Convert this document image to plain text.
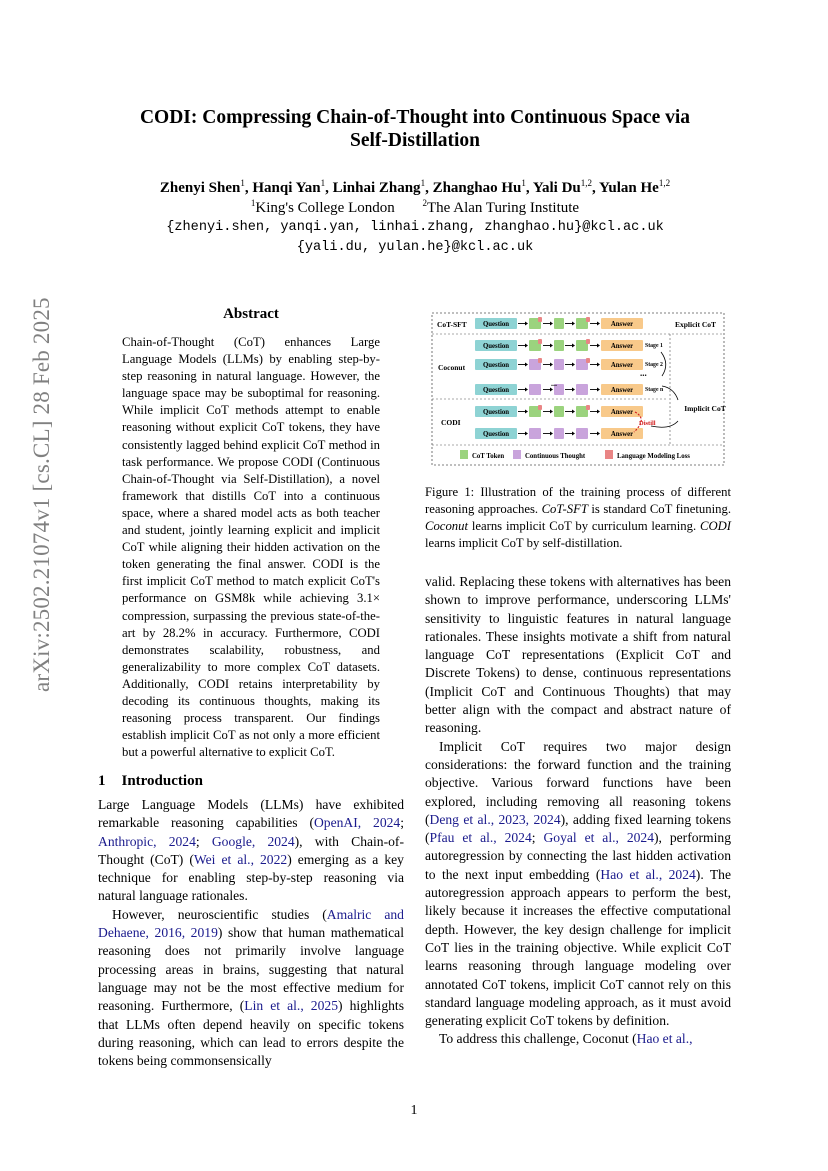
arXiv:2502.21074v1 [cs.CL] 28 Feb 2025
CODI: Compressing Chain-of-Thought into Continuous Space via
Self-Distillation
Zhenyi Shen$^1$, Hanqi Yan$^1$, Linhai Zhang$^1$, Zhanghao Hu$^1$, Yali Du$^{1,2}$, Yulan He$^{1,2}$
$^1$King's College London	$^2$The Alan Turing Institute
{zhenyi.shen, yanqi.yan, linhai.zhang, zhanghao.hu}@kcl.ac.uk
{yali.du, yulan.he}@kcl.ac.uk
Abstract
Chain-of-Thought (CoT) enhances Large Language Models (LLMs) by enabling step-by-step reasoning in natural language. However, the language space may be suboptimal for reasoning. While implicit CoT methods attempt to enable reasoning without explicit CoT tokens, they have consistently lagged behind explicit CoT method in task performance. We propose CODI (Continuous Chain-of-Thought via Self-Distillation), a novel framework that distills CoT into a continuous space, where a shared model acts as both teacher and student, jointly learning explicit and implicit CoT while aligning their hidden activation on the token generating the final answer. CODI is the first implicit CoT method to match explicit CoT's performance on GSM8k while achieving 3.1× compression, surpassing the previous state-of-the-art by 28.2% in accuracy. Furthermore, CODI demonstrates scalability, robustness, and generalizability to more complex CoT datasets. Additionally, CODI retains interpretability by decoding its continuous thoughts, making its reasoning process transparent. Our findings establish implicit CoT as not only a more efficient but a powerful alternative to explicit CoT.
1 Introduction

Large Language Models (LLMs) have exhibited remarkable reasoning capabilities (OpenAI, 2024; Anthropic, 2024; Google, 2024), with Chain-of-Thought (CoT) (Wei et al., 2022) emerging as a key technique for enabling step-by-step reasoning via natural language rationales.

However, neuroscientific studies (Amalric and Dehaene, 2016, 2019) show that human mathematical reasoning does not primarily involve language processing areas in brains, suggesting that natural language may not be the most effective medium for reasoning. Furthermore, (Lin et al., 2025) highlights that LLMs often depend heavily on specific tokens during reasoning, which can lead to errors despite the tokens being commonsensically

Question	Answer
Question	Answer Stage 1
Question	Answer Stage 2
Question	Answer Stage n
Question	Answer
Question	Answer
CoT-SFT
Coconut
CODI
Explicit CoT
Implicit CoT
...
...
Distill
CoT Token	Continuous Thought	Language Modeling Loss
Figure 1: Illustration of the training process of different reasoning approaches. CoT-SFT is standard CoT finetuning. Coconut learns implicit CoT by curriculum learning. CODI learns implicit CoT by self-distillation.

valid. Replacing these tokens with alternatives has been shown to improve performance, underscoring LLMs' sensitivity to linguistic features in natural language rationales. These insights motivate a shift from natural language CoT representations (Explicit CoT and Discrete Tokens) to dense, continuous representations (Implicit CoT and Continuous Thoughts) that may better align with the compact and abstract nature of reasoning.

Implicit CoT requires two major design considerations: the forward function and the training objective. Various forward functions have been explored, including removing all reasoning tokens (Deng et al., 2023, 2024), adding fixed learning tokens (Pfau et al., 2024; Goyal et al., 2024), performing autoregression by connecting the last hidden activation to the next input embedding (Hao et al., 2024). The autoregression approach appears to perform the best, likely because it increases the effective computational depth. However, the key design challenge for implicit CoT lies in the training objective. While explicit CoT learns reasoning through language modeling over annotated CoT tokens, implicit CoT cannot rely on this standard language modeling approach, as it must avoid generating explicit CoT tokens by definition.

To address this challenge, Coconut (Hao et al.,

1
